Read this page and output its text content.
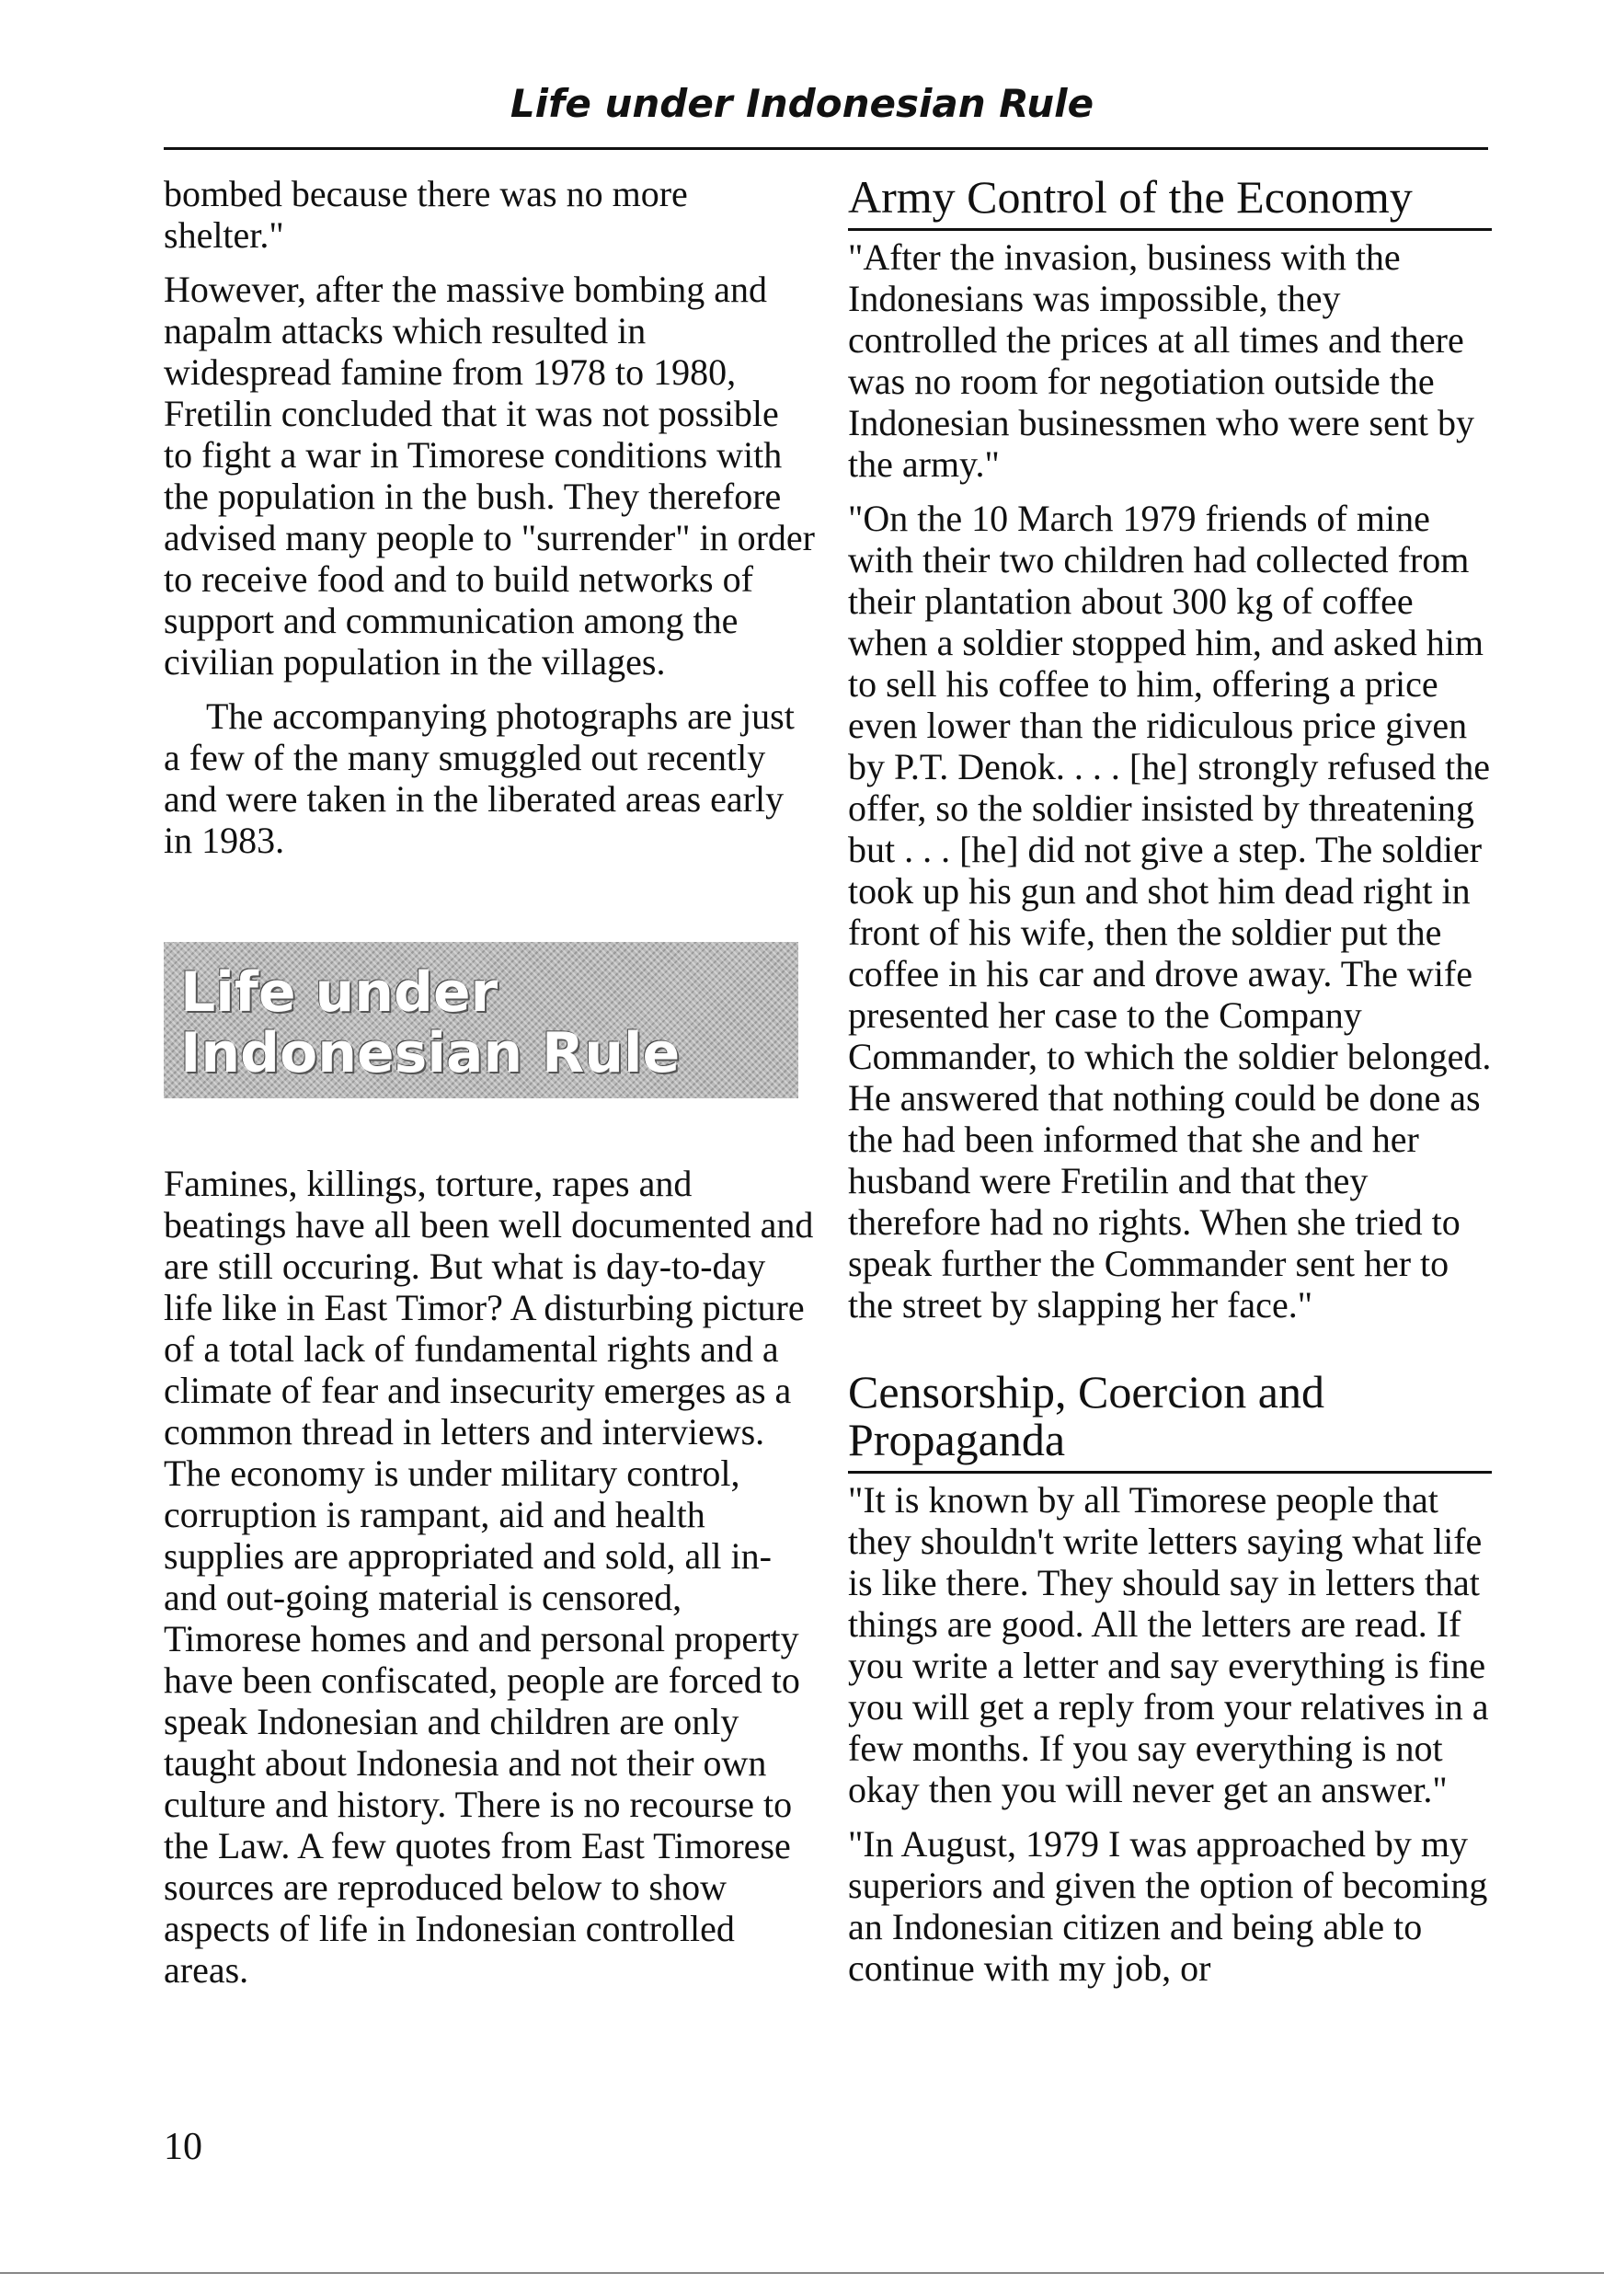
Life under Indonesian Rule

bombed because there was no more shelter."

However, after the massive bombing and napalm attacks which resulted in widespread famine from 1978 to 1980, Fretilin concluded that it was not possible to fight a war in Timorese conditions with the population in the bush. They therefore advised many people to "surrender" in order to receive food and to build networks of support and communication among the civilian population in the villages.

The accompanying photographs are just a few of the many smuggled out recently and were taken in the liberated areas early in 1983.

Life under Indonesian Rule

Famines, killings, torture, rapes and beatings have all been well documented and are still occuring. But what is day-to-day life like in East Timor? A disturbing picture of a total lack of fundamental rights and a climate of fear and insecurity emerges as a common thread in letters and interviews. The economy is under military control, corruption is rampant, aid and health supplies are appropriated and sold, all in- and out-going material is censored, Timorese homes and and personal property have been confiscated, people are forced to speak Indonesian and children are only taught about Indonesia and not their own culture and history. There is no recourse to the Law. A few quotes from East Timorese sources are reproduced below to show aspects of life in Indonesian controlled areas.

Army Control of the Economy

"After the invasion, business with the Indonesians was impossible, they controlled the prices at all times and there was no room for negotiation outside the Indonesian businessmen who were sent by the army."

"On the 10 March 1979 friends of mine with their two children had collected from their plantation about 300 kg of coffee when a soldier stopped him, and asked him to sell his coffee to him, offering a price even lower than the ridiculous price given by P.T. Denok. . . . [he] strongly refused the offer, so the soldier insisted by threatening but . . . [he] did not give a step. The soldier took up his gun and shot him dead right in front of his wife, then the soldier put the coffee in his car and drove away. The wife presented her case to the Company Commander, to which the soldier belonged. He answered that nothing could be done as the had been informed that she and her husband were Fretilin and that they therefore had no rights. When she tried to speak further the Commander sent her to the street by slapping her face."

Censorship, Coercion and Propaganda

"It is known by all Timorese people that they shouldn't write letters saying what life is like there. They should say in letters that things are good. All the letters are read. If you write a letter and say everything is fine you will get a reply from your relatives in a few months. If you say everything is not okay then you will never get an answer."

"In August, 1979 I was approached by my superiors and given the option of becoming an Indonesian citizen and being able to continue with my job, or

10
